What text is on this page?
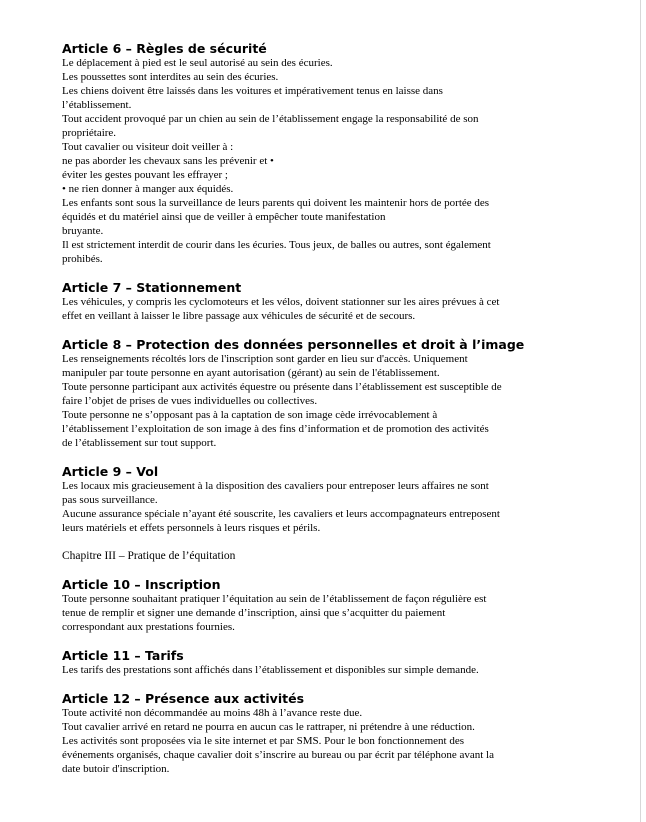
Article 6 – Règles de sécurité

Le déplacement à pied est le seul autorisé au sein des écuries.

Les poussettes sont interdites au sein des écuries.

Les chiens doivent être laissés dans les voitures et impérativement tenus en laisse dans

l’établissement.

Tout accident provoqué par un chien au sein de l’établissement engage la responsabilité de son

propriétaire.

Tout cavalier ou visiteur doit veiller à :

ne pas aborder les chevaux sans les prévenir et •

éviter les gestes pouvant les effrayer ;

• ne rien donner à manger aux équidés.

Les enfants sont sous la surveillance de leurs parents qui doivent les maintenir hors de portée des

équidés et du matériel ainsi que de veiller à empêcher toute manifestation

bruyante.

Il est strictement interdit de courir dans les écuries. Tous jeux, de balles ou autres, sont également

prohibés.

Article 7 – Stationnement

Les véhicules, y compris les cyclomoteurs et les vélos, doivent stationner sur les aires prévues à cet

effet en veillant à laisser le libre passage aux véhicules de sécurité et de secours.

Article 8 – Protection des données personnelles et droit à l’image

Les renseignements récoltés lors de l'inscription sont garder en lieu sur d'accès. Uniquement

manipuler par toute personne en ayant autorisation (gérant) au sein de l'établissement.

Toute personne participant aux activités équestre ou présente dans l’établissement est susceptible de

faire l’objet de prises de vues individuelles ou collectives.

Toute personne ne s’opposant pas à la captation de son image cède irrévocablement à

l’établissement l’exploitation de son image à des fins d’information et de promotion des activités

de l’établissement sur tout support.

Article 9 – Vol

Les locaux mis gracieusement à la disposition des cavaliers pour entreposer leurs affaires ne sont

pas sous surveillance.

Aucune assurance spéciale n’ayant été souscrite, les cavaliers et leurs accompagnateurs entreposent

leurs matériels et effets personnels à leurs risques et périls.

Chapitre III – Pratique de l’équitation

Article 10 – Inscription

Toute personne souhaitant pratiquer l’équitation au sein de l’établissement de façon régulière est

tenue de remplir et signer une demande d’inscription, ainsi que s’acquitter du paiement

correspondant aux prestations fournies.

Article 11 – Tarifs

Les tarifs des prestations sont affichés dans l’établissement et disponibles sur simple demande.

Article 12 – Présence aux activités

Toute activité non décommandée au moins 48h à l’avance reste due.

Tout cavalier arrivé en retard ne pourra en aucun cas le rattraper, ni prétendre à une réduction.

Les activités sont proposées via le site internet et par SMS. Pour le bon fonctionnement des

événements organisés, chaque cavalier doit s’inscrire au bureau ou par écrit par téléphone avant la

date butoir d'inscription.
